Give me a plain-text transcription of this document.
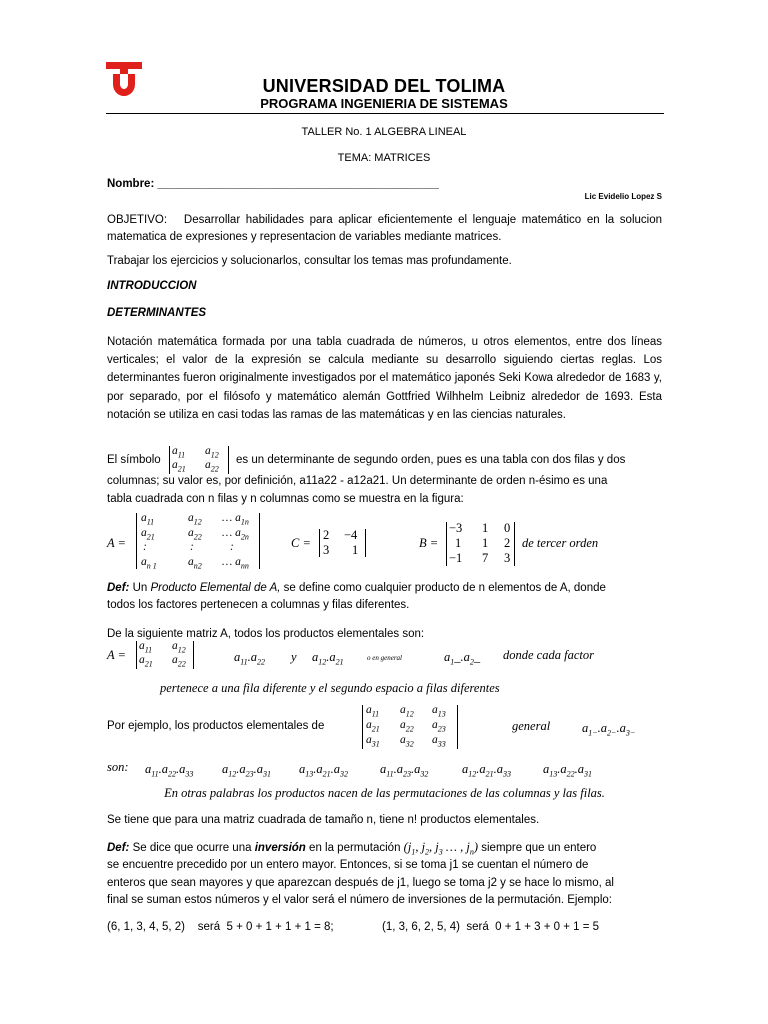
UNIVERSIDAD DEL TOLIMA
PROGRAMA INGENIERIA DE SISTEMAS
TALLER No. 1 ALGEBRA LINEAL
TEMA: MATRICES
Nombre: ____________________________________________
Lic Evidelio Lopez S
OBJETIVO: Desarrollar habilidades para aplicar eficientemente el lenguaje matemático en la solucion matematica de expresiones y representacion de variables mediante matrices.
Trabajar los ejercicios y solucionarlos, consultar los temas mas profundamente.
INTRODUCCION
DETERMINANTES
Notación matemática formada por una tabla cuadrada de números, u otros elementos, entre dos líneas verticales; el valor de la expresión se calcula mediante su desarrollo siguiendo ciertas reglas. Los determinantes fueron originalmente investigados por el matemático japonés Seki Kowa alrededor de 1683 y, por separado, por el filósofo y matemático alemán Gottfried Wilhhelm Leibniz alrededor de 1693. Esta notación se utiliza en casi todas las ramas de las matemáticas y en las ciencias naturales.
El símbolo
$a_{11}$ $a_{12}$
$a_{21}$ $a_{22}$
es un determinante de segundo orden, pues es una tabla con dos filas y dos
columnas; su valor es, por definición, a11a22 - a12a21. Un determinante de orden n-ésimo es una
tabla cuadrada con n filas y n columnas como se muestra en la figura:
A =
$a_{11}$	$a_{12}$ … $a_{1n}$
$a_{21}$	$a_{22}$ … $a_{2n}$
:	:	:
$a_{n 1}$	$a_{n2}$ … $a_{nn}$
C =
2 −4
3 1	B =
−3 1 0
1 1 2
−1 7 3
de tercer orden
Def: Un Producto Elemental de A, se define como cualquier producto de n elementos de A, donde
todos los factores pertenecen a columnas y filas diferentes.
De la siguiente matriz A, todos los productos elementales son:
A =
$a_{11}$ $a_{12}$
$a_{21}$ $a_{22}$	$a_{11}.a_{22}$ y $a_{12}.a_{21}$	o en general	$a_1\_.a_2\_$ donde cada factor
pertenece a una fila diferente y el segundo espacio a filas diferentes
Por ejemplo, los productos elementales de
$a_{11}$ $a_{12}$ $a_{13}$
$a_{21}$ $a_{22}$ $a_{23}$
$a_{31}$ $a_{32}$ $a_{33}$
general	$a_{1-}.a_{2-}.a_{3-}$
son: $a_{11}.a_{22}.a_{33}$ $a_{12}.a_{23}.a_{31}$ $a_{13}.a_{21}.a_{32}$	$a_{11}.a_{23}.a_{32}$	$a_{12}.a_{21}.a_{33}$	$a_{13}.a_{22}.a_{31}$
En otras palabras los productos nacen de las permutaciones de las columnas y las filas.
Se tiene que para una matriz cuadrada de tamaño n, tiene n! productos elementales.
Def: Se dice que ocurre una inversión en la permutación ($j_1$, $j_2$, $j_3$ … , $j_n$) siempre que un entero
se encuentre precedido por un entero mayor. Entonces, si se toma j1 se cuentan el número de
enteros que sean mayores y que aparezcan después de j1, luego se toma j2 y se hace lo mismo, al
final se suman estos números y el valor será el número de inversiones de la permutación. Ejemplo:
(6, 1, 3, 4, 5, 2)    será  5 + 0 + 1 + 1 + 1 = 8;	(1, 3, 6, 2, 5, 4)  será  0 + 1 + 3 + 0 + 1 = 5
